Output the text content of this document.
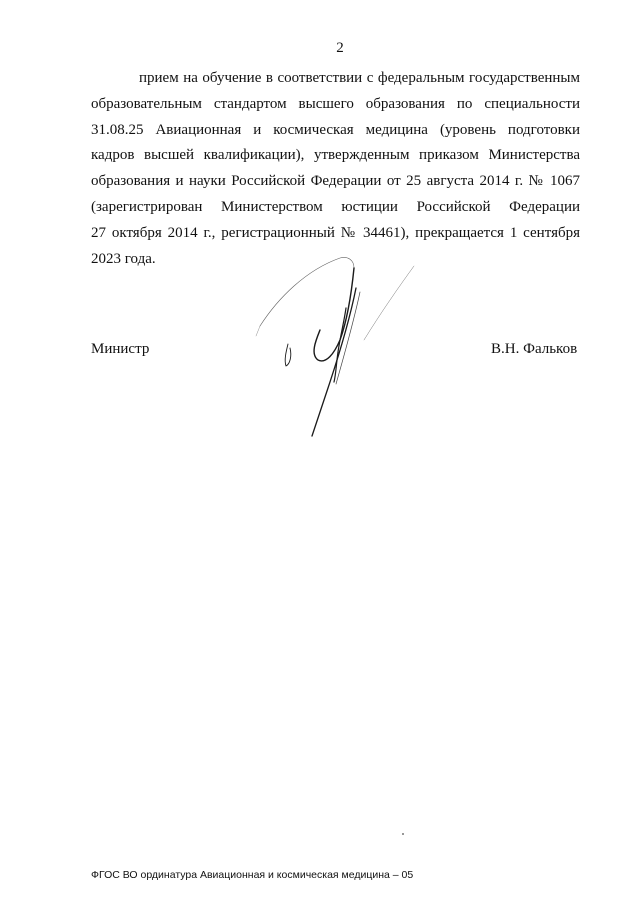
2
прием на обучение в соответствии с федеральным государственным
образовательным стандартом высшего образования по специальности
31.08.25 Авиационная и космическая медицина (уровень подготовки
кадров высшей квалификации), утвержденным приказом Министерства
образования и науки Российской Федерации от 25 августа 2014 г. № 1067
(зарегистрирован Министерством юстиции Российской Федерации
27 октября 2014 г., регистрационный № 34461), прекращается 1 сентября
2023 года.
Министр	В.Н. Фальков
ФГОС ВО ординатура Авиационная и космическая медицина – 05
